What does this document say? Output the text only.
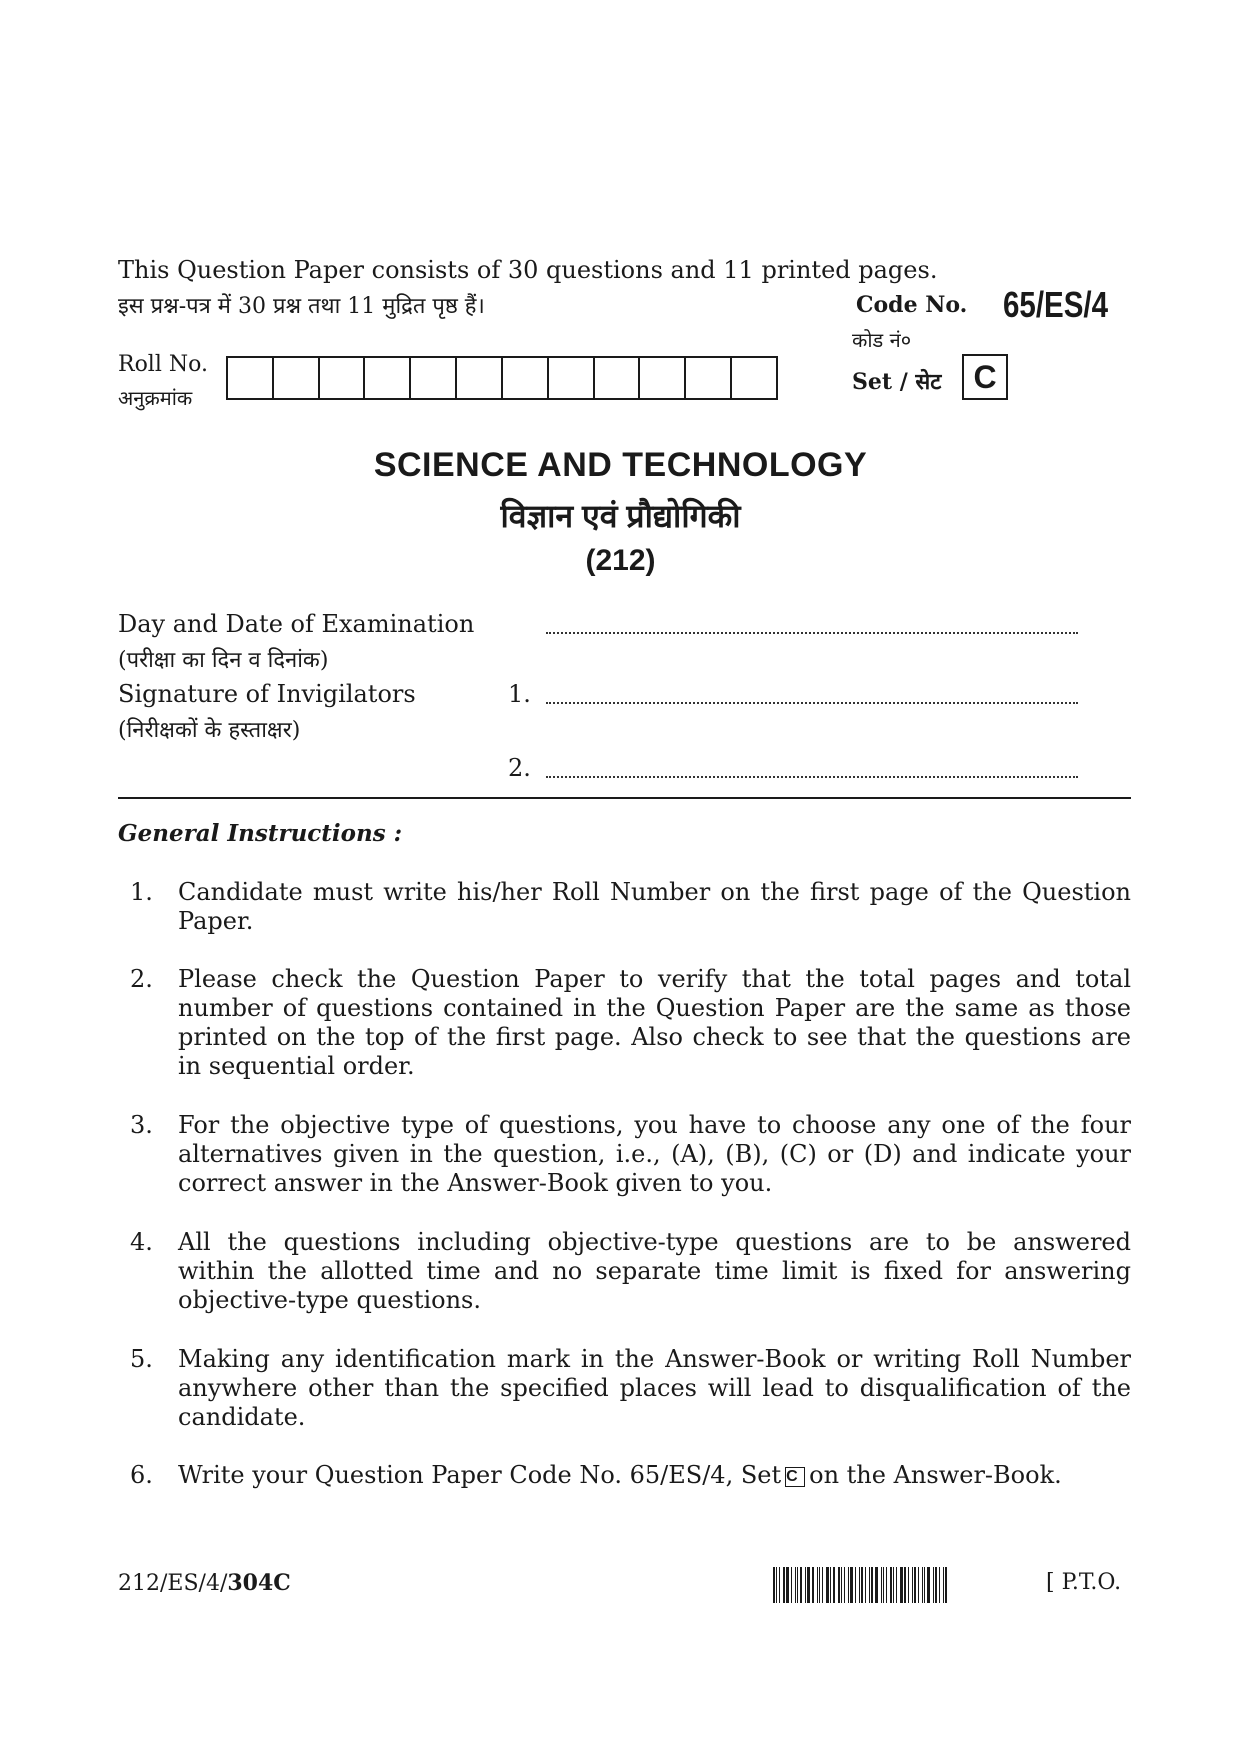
This Question Paper consists of 30 questions and 11 printed pages.
इस प्रश्न-पत्र में 30 प्रश्न तथा 11 मुद्रित पृष्ठ हैं।	Code No. 65/ES/4
कोड नं०
Set / सेट	C
Roll No.
अनुक्रमांक
SCIENCE AND TECHNOLOGY
विज्ञान एवं प्रौद्योगिकी
(212)
Day and Date of Examination
(परीक्षा का दिन व दिनांक)
Signature of Invigilators
(निरीक्षकों के हस्ताक्षर)
1.
2.
General Instructions :
1. Candidate must write his/her Roll Number on the first page of the Question Paper.
2. Please check the Question Paper to verify that the total pages and total number of questions contained in the Question Paper are the same as those printed on the top of the first page. Also check to see that the questions are in sequential order.
3. For the objective type of questions, you have to choose any one of the four alternatives given in the question, i.e., (A), (B), (C) or (D) and indicate your correct answer in the Answer-Book given to you.
4. All the questions including objective-type questions are to be answered within the allotted time and no separate time limit is fixed for answering objective-type questions.
5. Making any identification mark in the Answer-Book or writing Roll Number anywhere other than the specified places will lead to disqualification of the candidate.
6. Write your Question Paper Code No. 65/ES/4, Set C on the Answer-Book.
212/ES/4/304C	[ P.T.O.
